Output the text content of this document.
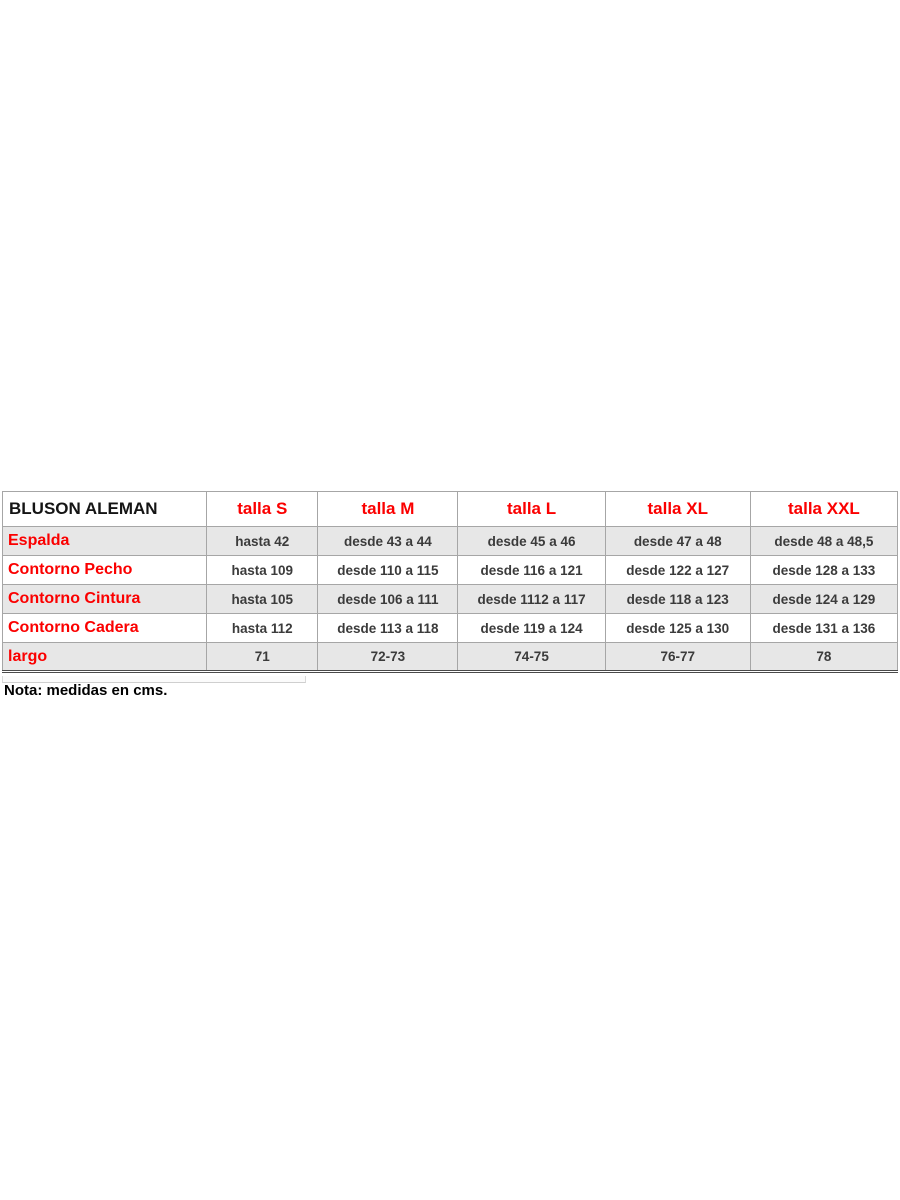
BLUSON ALEMAN	talla S	talla M	talla L	talla XL	talla XXL
Espalda	hasta 42	desde 43 a 44	desde 45 a 46	desde 47 a 48	desde 48 a 48,5
Contorno Pecho	hasta 109	desde 110 a 115	desde 116 a 121	desde 122 a 127	desde 128 a 133
Contorno Cintura	hasta 105	desde 106 a 111	desde 1112 a 117	desde 118 a 123	desde 124 a 129
Contorno Cadera	hasta 112	desde 113 a 118	desde 119 a 124	desde 125 a 130	desde 131 a 136
largo	71	72-73	74-75	76-77	78
Nota: medidas en cms.
